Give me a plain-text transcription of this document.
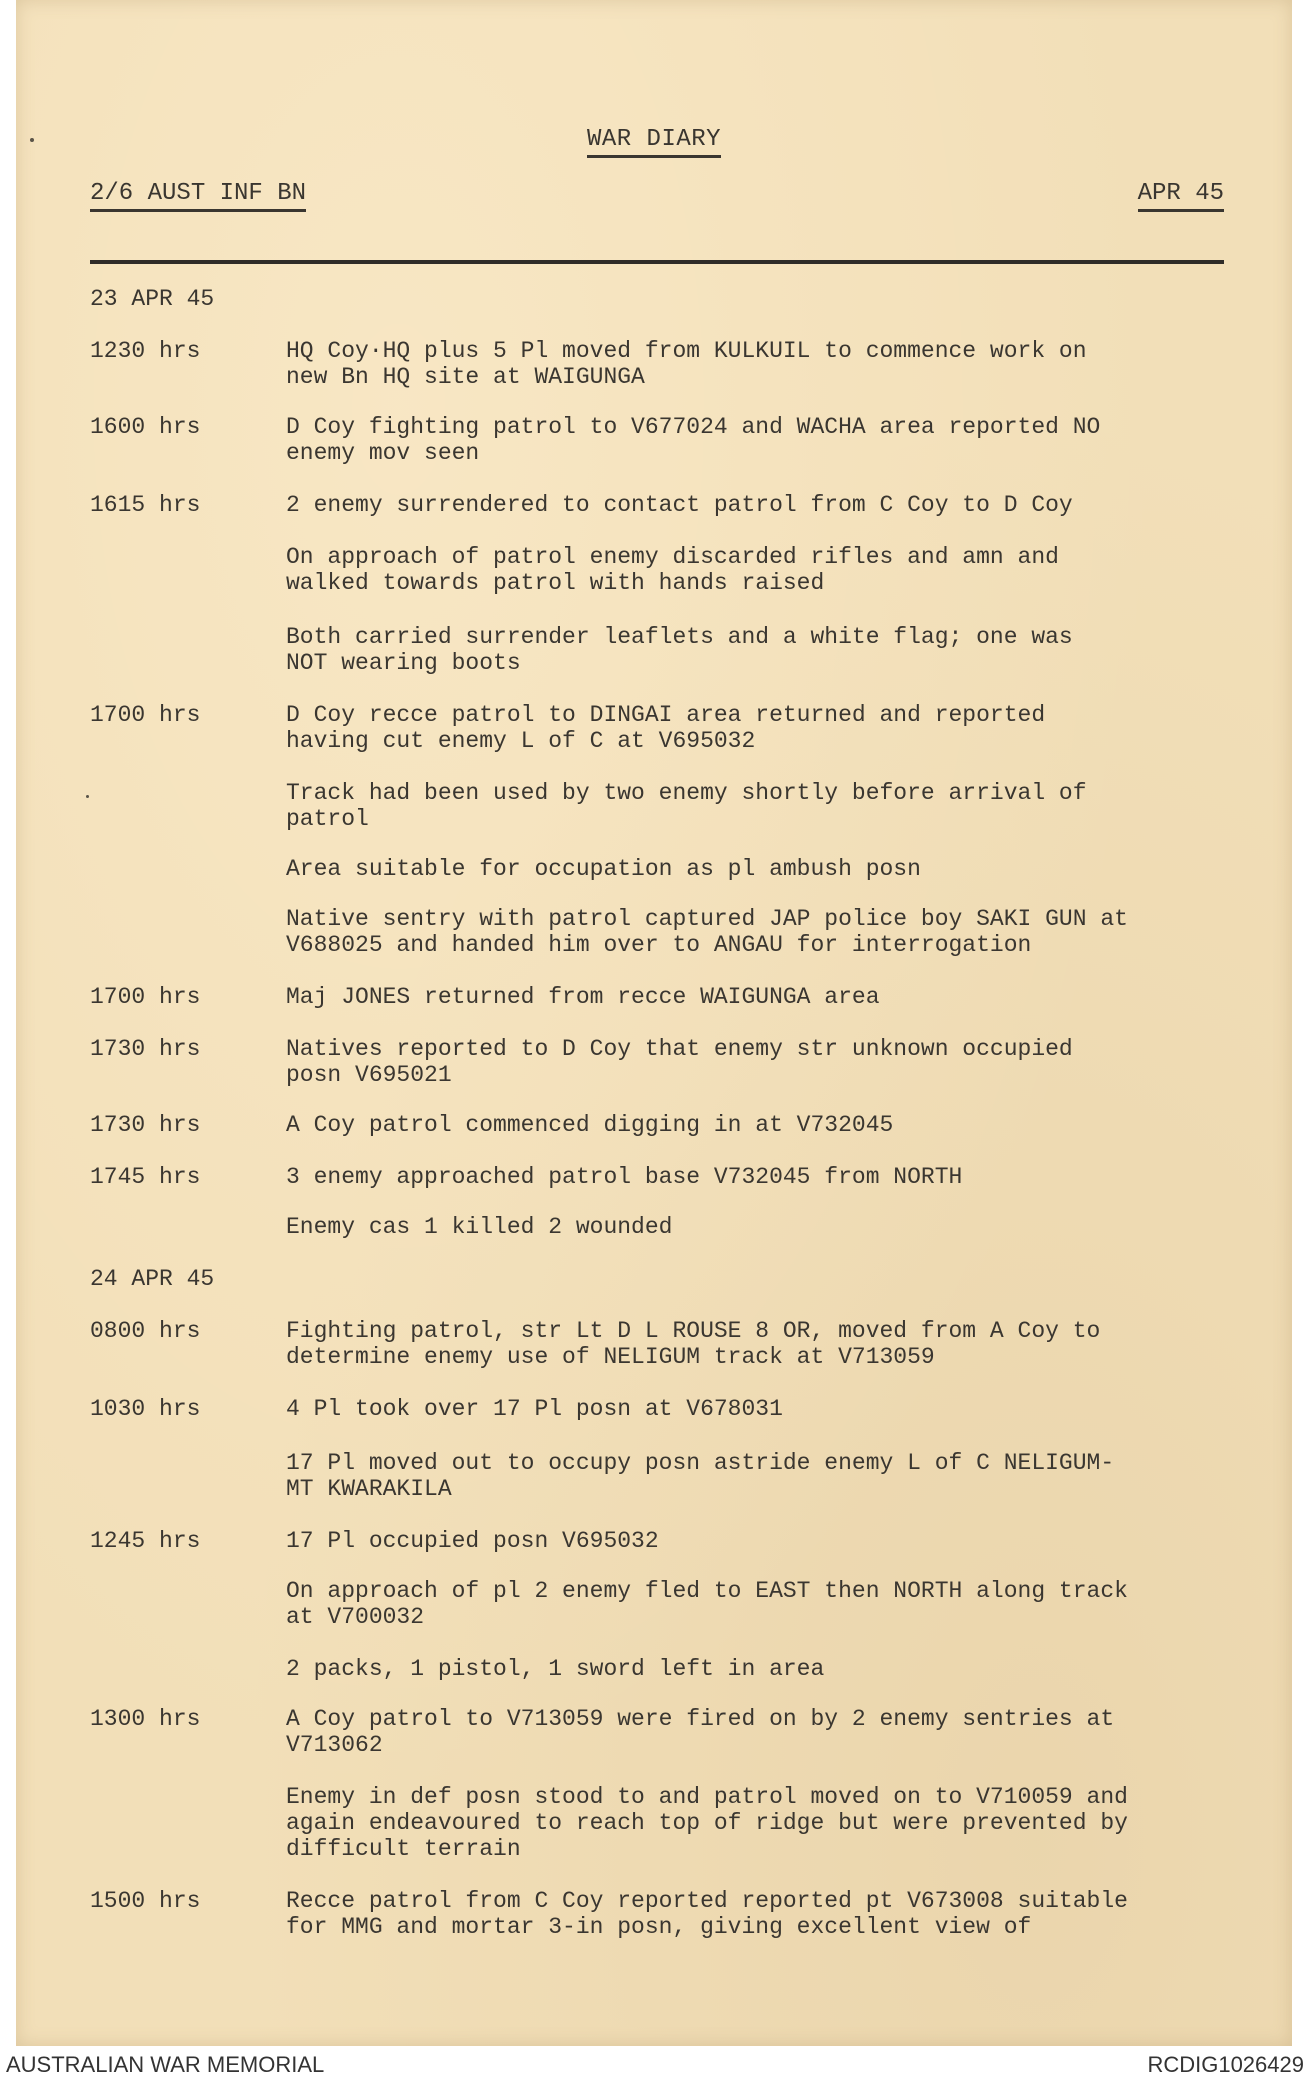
WAR DIARY
2/6 AUST INF BN	APR 45
23 APR 45
1230 hrs	HQ Coy·HQ plus 5 Pl moved from KULKUIL to commence work on
new Bn HQ site at WAIGUNGA
1600 hrs	D Coy fighting patrol to V677024 and WACHA area reported NO
enemy mov seen
1615 hrs	2 enemy surrendered to contact patrol from C Coy to D Coy
On approach of patrol enemy discarded rifles and amn and
walked towards patrol with hands raised
Both carried surrender leaflets and a white flag; one was
NOT wearing boots
1700 hrs	D Coy recce patrol to DINGAI area returned and reported
having cut enemy L of C at V695032
Track had been used by two enemy shortly before arrival of
patrol
Area suitable for occupation as pl ambush posn
Native sentry with patrol captured JAP police boy SAKI GUN at
V688025 and handed him over to ANGAU for interrogation
1700 hrs	Maj JONES returned from recce WAIGUNGA area
1730 hrs	Natives reported to D Coy that enemy str unknown occupied
posn V695021
1730 hrs	A Coy patrol commenced digging in at V732045
1745 hrs	3 enemy approached patrol base V732045 from NORTH
Enemy cas 1 killed 2 wounded
24 APR 45
0800 hrs	Fighting patrol, str Lt D L ROUSE 8 OR, moved from A Coy to
determine enemy use of NELIGUM track at V713059
1030 hrs	4 Pl took over 17 Pl posn at V678031
17 Pl moved out to occupy posn astride enemy L of C NELIGUM-
MT KWARAKILA
1245 hrs	17 Pl occupied posn V695032
On approach of pl 2 enemy fled to EAST then NORTH along track
at V700032
2 packs, 1 pistol, 1 sword left in area
1300 hrs	A Coy patrol to V713059 were fired on by 2 enemy sentries at
V713062
Enemy in def posn stood to and patrol moved on to V710059 and
again endeavoured to reach top of ridge but were prevented by
difficult terrain
1500 hrs	Recce patrol from C Coy reported reported pt V673008 suitable
for MMG and mortar 3-in posn, giving excellent view of
AUSTRALIAN WAR MEMORIAL	RCDIG1026429
